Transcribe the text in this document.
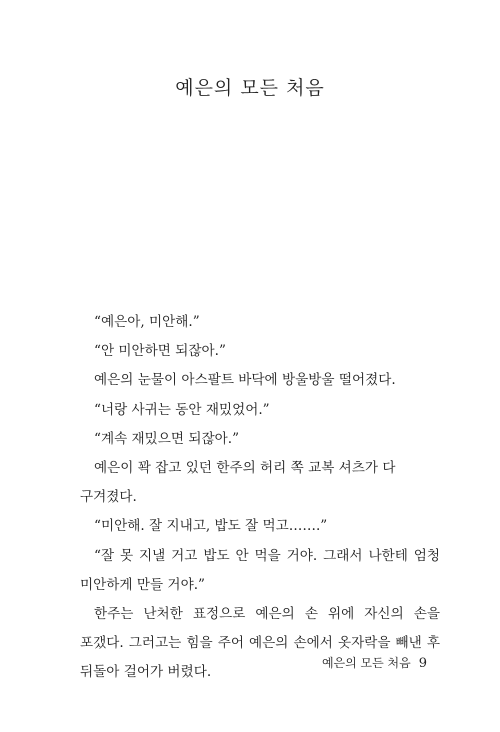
예은의 모든 처음

“예은아, 미안해.”

“안 미안하면 되잖아.”

예은의 눈물이 아스팔트 바닥에 방울방울 떨어졌다.

“너랑 사귀는 동안 재밌었어.”

“계속 재밌으면 되잖아.”

예은이 꽉 잡고 있던 한주의 허리 쪽 교복 셔츠가 다 구겨졌다.

“미안해. 잘 지내고, 밥도 잘 먹고…….”

“잘 못 지낼 거고 밥도 안 먹을 거야. 그래서 나한테 엄청 미안하게 만들 거야.”

한주는 난처한 표정으로 예은의 손 위에 자신의 손을 포갰다. 그러고는 힘을 주어 예은의 손에서 옷자락을 빼낸 후 뒤돌아 걸어가 버렸다.

예은의 모든 처음 9
